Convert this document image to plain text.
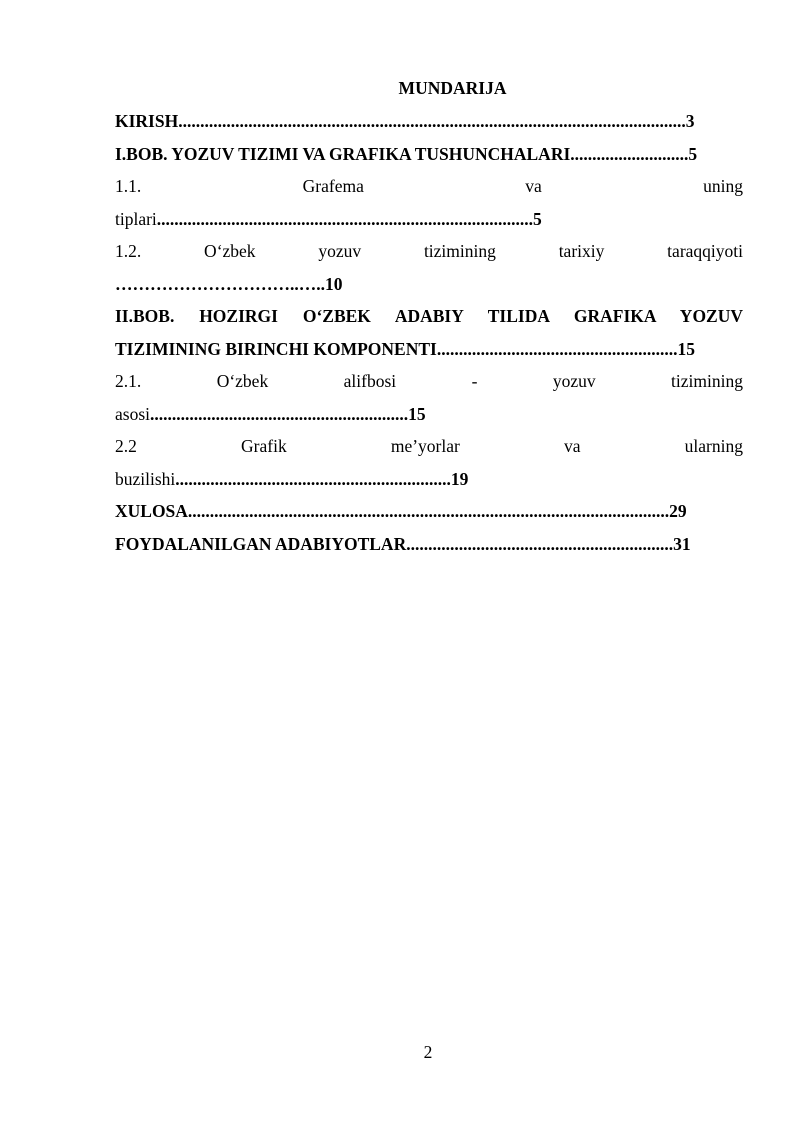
MUNDARIJA
KIRISH....................................................................................................................3
I.BOB. YOZUV TIZIMI VA GRAFIKA TUSHUNCHALARI...........................5
1.1. Grafema va uning
tiplari......................................................................................5
1.2. O‘zbek yozuv tizimining tarixiy taraqqiyoti
…………………………..…..10
II.BOB. HOZIRGI O‘ZBEK ADABIY TILIDA GRAFIKA YOZUV
TIZIMINING BIRINCHI KOMPONENTI.......................................................15
2.1. O‘zbek alifbosi - yozuv tizimining
asosi...........................................................15
2.2 Grafik me’yorlar va ularning
buzilishi...............................................................19
XULOSA..............................................................................................................29
FOYDALANILGAN ADABIYOTLAR.............................................................31
2
